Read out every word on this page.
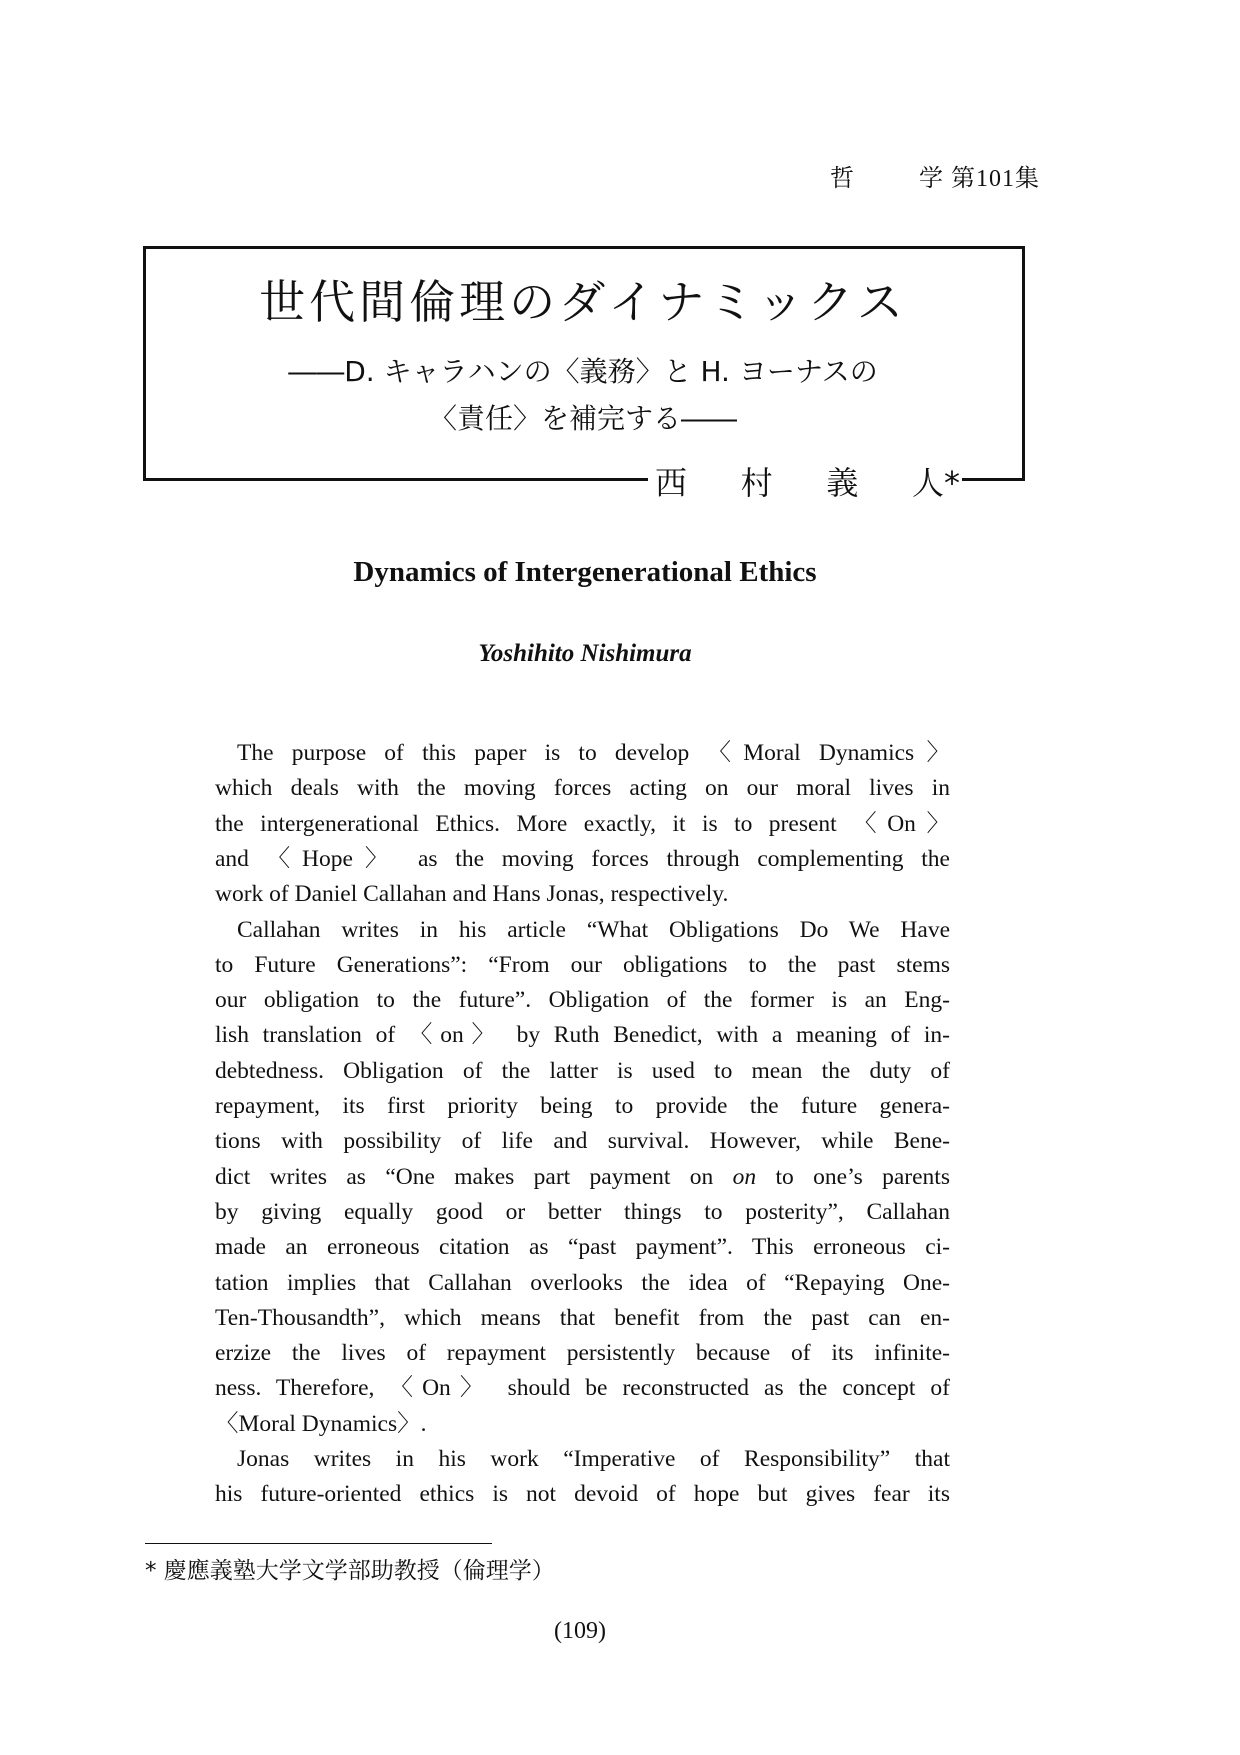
哲	学 第101集
世代間倫理のダイナミックス
――D. キャラハンの〈義務〉と H. ヨーナスの
〈責任〉を補完する――
西 村 義 人*
Dynamics of Intergenerational Ethics
Yoshihito Nishimura
The purpose of this paper is to develop 〈Moral Dynamics〉
which deals with the moving forces acting on our moral lives in
the intergenerational Ethics. More exactly, it is to present 〈On〉
and 〈Hope〉 as the moving forces through complementing the
work of Daniel Callahan and Hans Jonas, respectively.
Callahan writes in his article “What Obligations Do We Have
to Future Generations”: “From our obligations to the past stems
our obligation to the future”. Obligation of the former is an Eng-
lish translation of 〈on〉 by Ruth Benedict, with a meaning of in-
debtedness. Obligation of the latter is used to mean the duty of
repayment, its first priority being to provide the future genera-
tions with possibility of life and survival. However, while Bene-
dict writes as “One makes part payment on on to one’s parents
by giving equally good or better things to posterity”, Callahan
made an erroneous citation as “past payment”. This erroneous ci-
tation implies that Callahan overlooks the idea of “Repaying One-
Ten-Thousandth”, which means that benefit from the past can en-
erzize the lives of repayment persistently because of its infinite-
ness. Therefore, 〈On〉 should be reconstructed as the concept of
〈Moral Dynamics〉.
Jonas writes in his work “Imperative of Responsibility” that
his future-oriented ethics is not devoid of hope but gives fear its
* 慶應義塾大学文学部助教授（倫理学）
(109)
